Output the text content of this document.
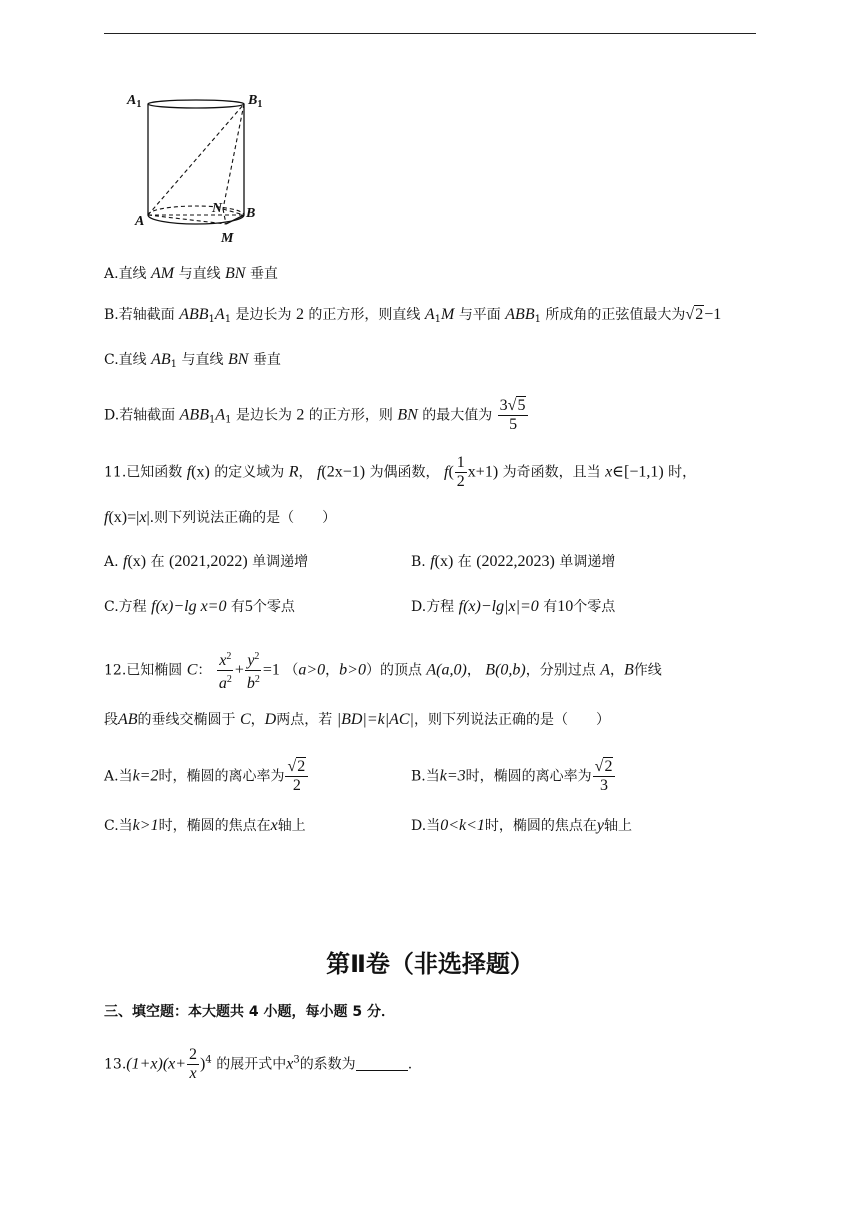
$A_1$	$B_1$
A
B
N
M
A.直线 AM 与直线 BN 垂直
B.若轴截面 $ABB_1A_1$ 是边长为 2 的正方形，则直线 $A_1M$ 与平面 $ABB_1$ 所成角的正弦值最大为√2−1
C.直线 $AB_1$ 与直线 BN 垂直
D.若轴截面 $ABB_1A_1$ 是边长为 2 的正方形，则 BN 的最大值为 $\frac{3√5}{5}$
11.已知函数 f(x) 的定义域为 R， f(2x−1) 为偶函数， $f( \frac{1}{2} x+1)$ 为奇函数，且当 x∈[−1,1) 时，
f(x)=|x|.则下列说法正确的是（　　）
A. f(x) 在 (2021,2022) 单调递增	B. f(x) 在 (2022,2023) 单调递增
C.方程 f(x)−lg x=0 有5个零点	D.方程 f(x)−lg|x|=0 有10个零点
12.已知椭圆 C： $\frac{x^2}{a^2} + \frac{y^2}{b^2} =1$ （a>0，b>0）的顶点 A(a,0)， B(0,b)，分别过点 A，B作线
段AB的垂线交椭圆于 C，D两点，若 |BD|=k|AC|，则下列说法正确的是（　　）
A.当k=2时，椭圆的离心率为 $\frac{√2}{2}$	B.当k=3时，椭圆的离心率为 $\frac{√2}{3}$
C.当k>1时，椭圆的焦点在x轴上	D.当0<k<1时，椭圆的焦点在y轴上
第Ⅱ卷（非选择题）
三、填空题：本大题共 4 小题，每小题 5 分．
$13.(1+x)(x+ \frac{2}{x} )^4$ 的展开式中$x^3$的系数为	.
